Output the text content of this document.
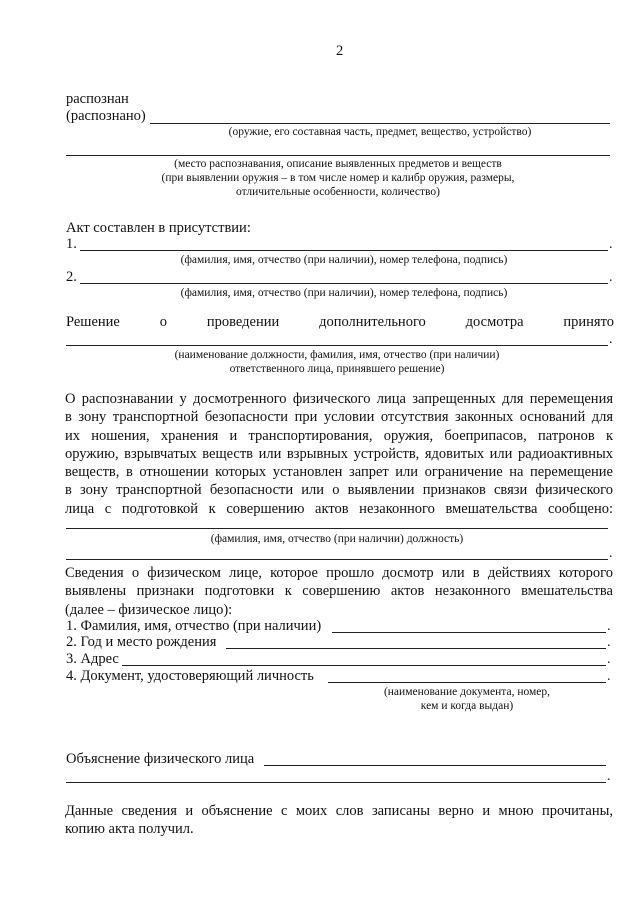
2
распознан
(распознано)
(оружие, его составная часть, предмет, вещество, устройство)
(место распознавания, описание выявленных предметов и веществ
(при выявлении оружия – в том числе номер и калибр оружия, размеры,
отличительные особенности, количество)
Акт составлен в присутствии:
1.	.
(фамилия, имя, отчество (при наличии), номер телефона, подпись)
2.	.
(фамилия, имя, отчество (при наличии), номер телефона, подпись)
Решение	о	проведении	дополнительного	досмотра	принято
.
(наименование должности, фамилия, имя, отчество (при наличии)
ответственного лица, принявшего решение)
О распознавании у досмотренного физического лица запрещенных для перемещения
в зону транспортной безопасности при условии отсутствия законных оснований для
их ношения, хранения и транспортирования, оружия, боеприпасов, патронов к
оружию, взрывчатых веществ или взрывных устройств, ядовитых или радиоактивных
веществ, в отношении которых установлен запрет или ограничение на перемещение
в зону транспортной безопасности или о выявлении признаков связи физического
лица с подготовкой к совершению актов незаконного вмешательства сообщено:
(фамилия, имя, отчество (при наличии) должность)
.
Сведения о физическом лице, которое прошло досмотр или в действиях которого
выявлены признаки подготовки к совершению актов незаконного вмешательства
(далее – физическое лицо):
1. Фамилия, имя, отчество (при наличии)	.
2. Год и место рождения	.
3. Адрес	.
4. Документ, удостоверяющий личность	.
(наименование документа, номер,
кем и когда выдан)
Объяснение физического лица
.
Данные сведения и объяснение с моих слов записаны верно и мною прочитаны,
копию акта получил.
